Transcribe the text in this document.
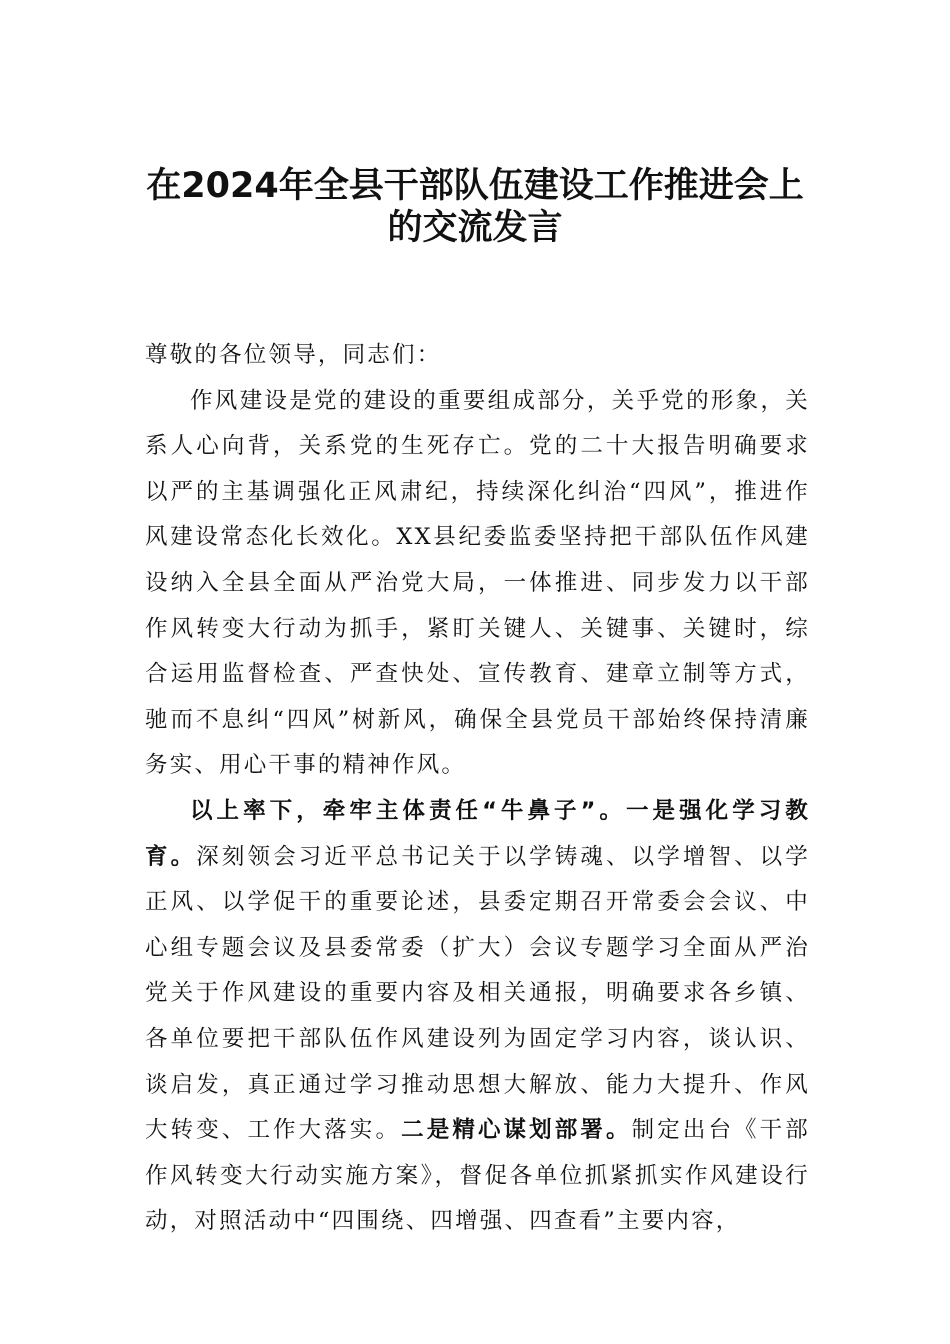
在2024年全县干部队伍建设工作推进会上
的交流发言

尊敬的各位领导，同志们：

作风建设是党的建设的重要组成部分，关乎党的形象，关系人心向背，关系党的生死存亡。党的二十大报告明确要求以严的主基调强化正风肃纪，持续深化纠治“四风”，推进作风建设常态化长效化。XX县纪委监委坚持把干部队伍作风建设纳入全县全面从严治党大局，一体推进、同步发力以干部作风转变大行动为抓手，紧盯关键人、关键事、关键时，综合运用监督检查、严查快处、宣传教育、建章立制等方式，驰而不息纠“四风”树新风，确保全县党员干部始终保持清廉务实、用心干事的精神作风。

以上率下，牵牢主体责任“牛鼻子”。一是强化学习教育。深刻领会习近平总书记关于以学铸魂、以学增智、以学正风、以学促干的重要论述，县委定期召开常委会会议、中心组专题会议及县委常委（扩大）会议专题学习全面从严治党关于作风建设的重要内容及相关通报，明确要求各乡镇、各单位要把干部队伍作风建设列为固定学习内容，谈认识、谈启发，真正通过学习推动思想大解放、能力大提升、作风大转变、工作大落实。二是精心谋划部署。制定出台《干部作风转变大行动实施方案》，督促各单位抓紧抓实作风建设行动，对照活动中“四围绕、四增强、四查看”主要内容，
